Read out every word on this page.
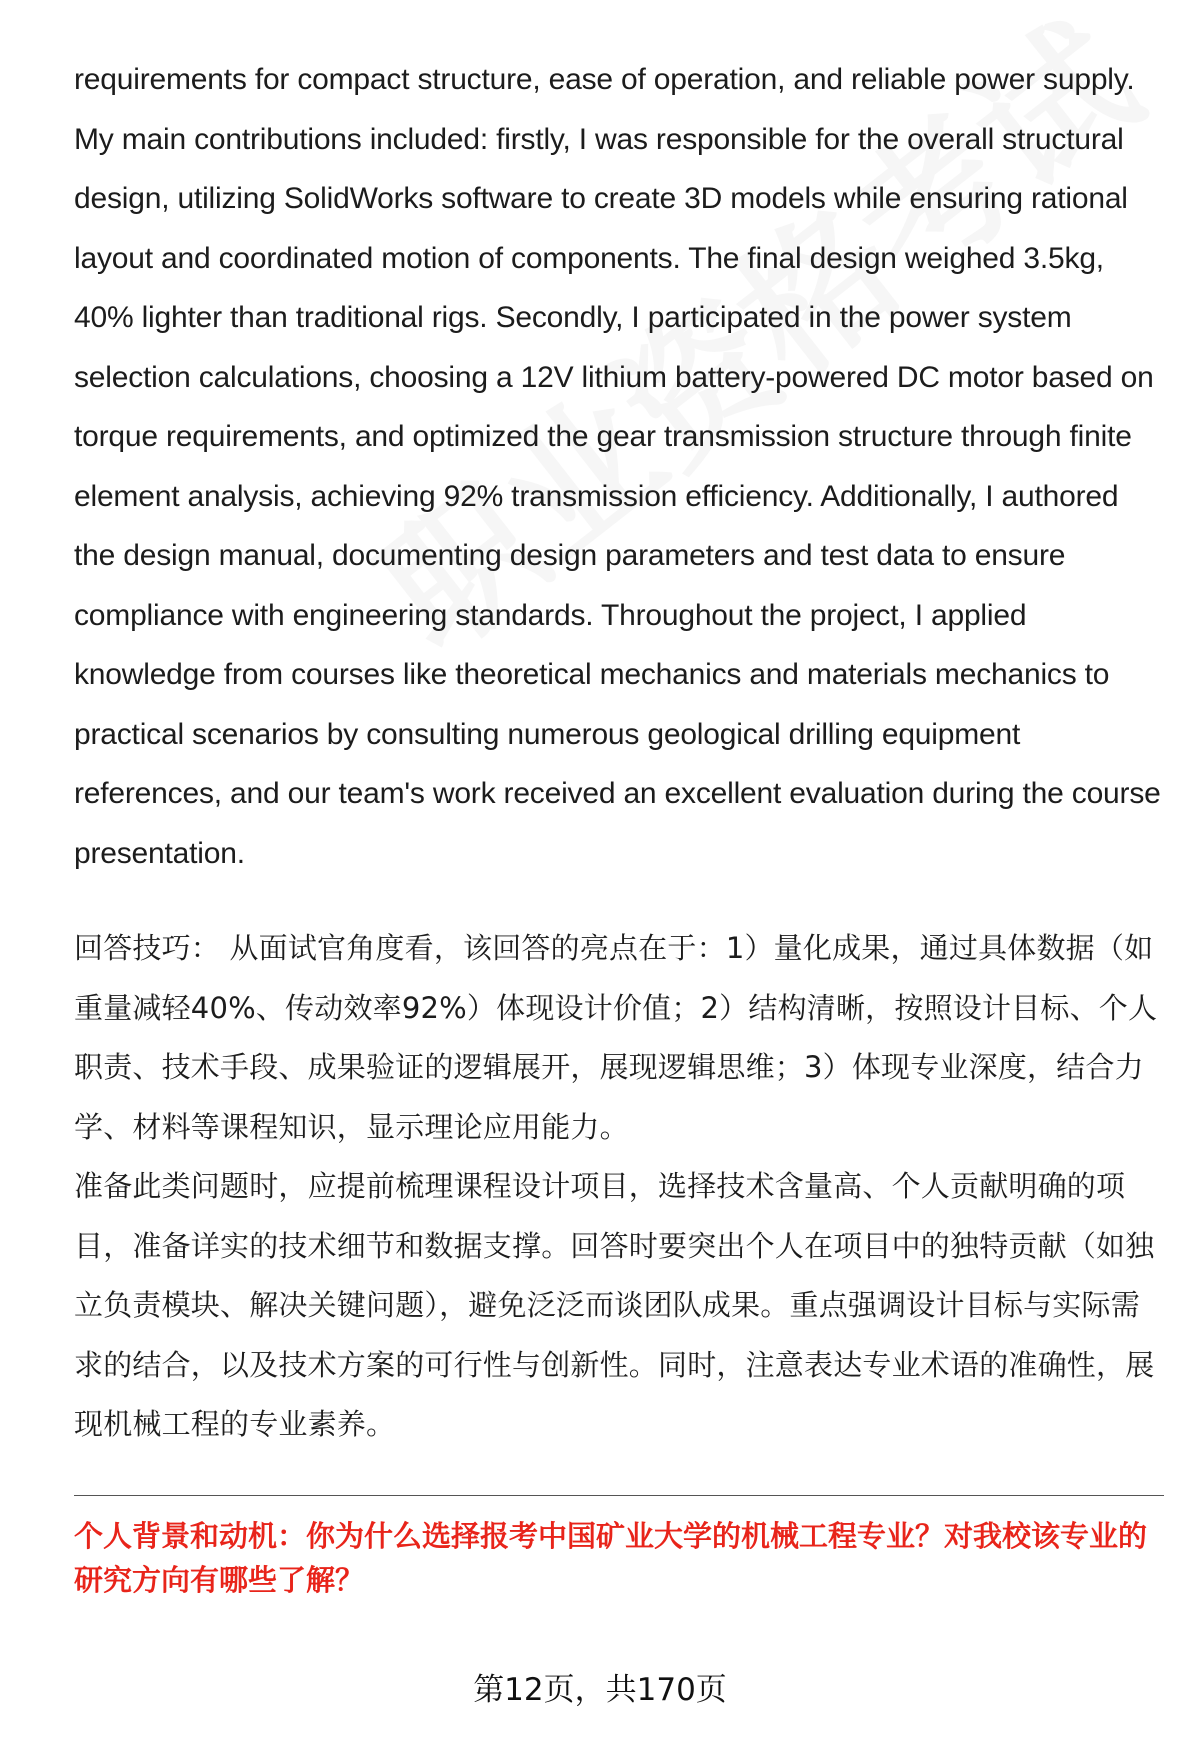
requirements for compact structure, ease of operation, and reliable power supply. My main contributions included: firstly, I was responsible for the overall structural design, utilizing SolidWorks software to create 3D models while ensuring rational layout and coordinated motion of components. The final design weighed 3.5kg, 40% lighter than traditional rigs. Secondly, I participated in the power system selection calculations, choosing a 12V lithium battery-powered DC motor based on torque requirements, and optimized the gear transmission structure through finite element analysis, achieving 92% transmission efficiency. Additionally, I authored the design manual, documenting design parameters and test data to ensure compliance with engineering standards. Throughout the project, I applied knowledge from courses like theoretical mechanics and materials mechanics to practical scenarios by consulting numerous geological drilling equipment references, and our team's work received an excellent evaluation during the course presentation.

回答技巧： 从面试官角度看，该回答的亮点在于：1）量化成果，通过具体数据（如重量减轻40%、传动效率92%）体现设计价值；2）结构清晰，按照设计目标、个人职责、技术手段、成果验证的逻辑展开，展现逻辑思维；3）体现专业深度，结合力学、材料等课程知识，显示理论应用能力。

准备此类问题时，应提前梳理课程设计项目，选择技术含量高、个人贡献明确的项目，准备详实的技术细节和数据支撑。回答时要突出个人在项目中的独特贡献（如独立负责模块、解决关键问题），避免泛泛而谈团队成果。重点强调设计目标与实际需求的结合，以及技术方案的可行性与创新性。同时，注意表达专业术语的准确性，展现机械工程的专业素养。

个人背景和动机：你为什么选择报考中国矿业大学的机械工程专业？对我校该专业的研究方向有哪些了解？

第12页，共170页
